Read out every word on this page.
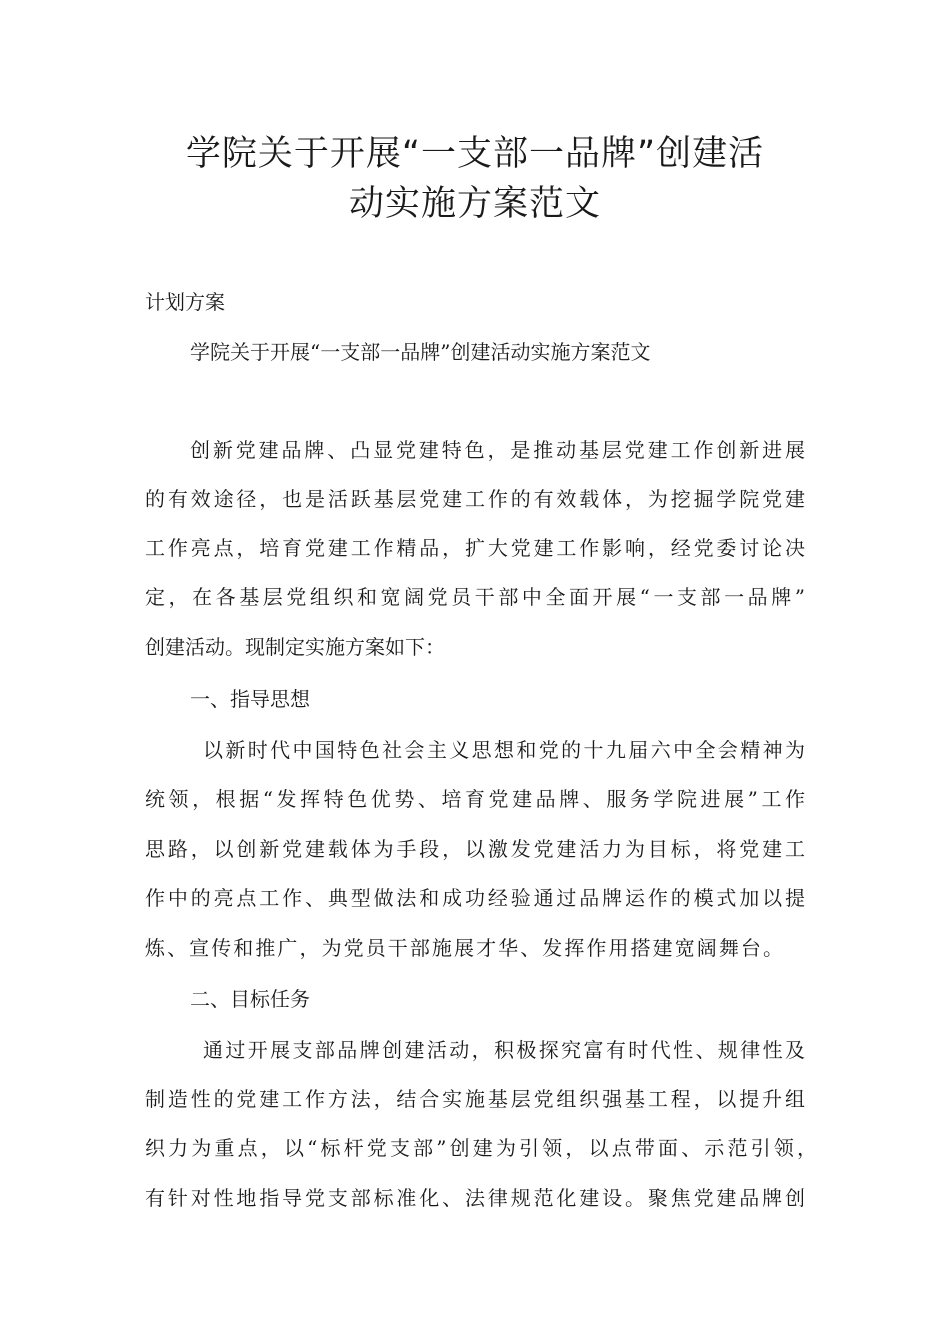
学院关于开展“一支部一品牌”创建活
动实施方案范文

计划方案

学院关于开展“一支部一品牌”创建活动实施方案范文

创新党建品牌、凸显党建特色，是推动基层党建工作创新进展

的有效途径，也是活跃基层党建工作的有效载体，为挖掘学院党建

工作亮点，培育党建工作精品，扩大党建工作影响，经党委讨论决

定，在各基层党组织和宽阔党员干部中全面开展“一支部一品牌”

创建活动。现制定实施方案如下：

一、指导思想

以新时代中国特色社会主义思想和党的十九届六中全会精神为

统领，根据“发挥特色优势、培育党建品牌、服务学院进展”工作

思路，以创新党建载体为手段，以激发党建活力为目标，将党建工

作中的亮点工作、典型做法和成功经验通过品牌运作的模式加以提

炼、宣传和推广，为党员干部施展才华、发挥作用搭建宽阔舞台。

二、目标任务

通过开展支部品牌创建活动，积极探究富有时代性、规律性及

制造性的党建工作方法，结合实施基层党组织强基工程，以提升组

织力为重点，以“标杆党支部”创建为引领，以点带面、示范引领，

有针对性地指导党支部标准化、法律规范化建设。聚焦党建品牌创
